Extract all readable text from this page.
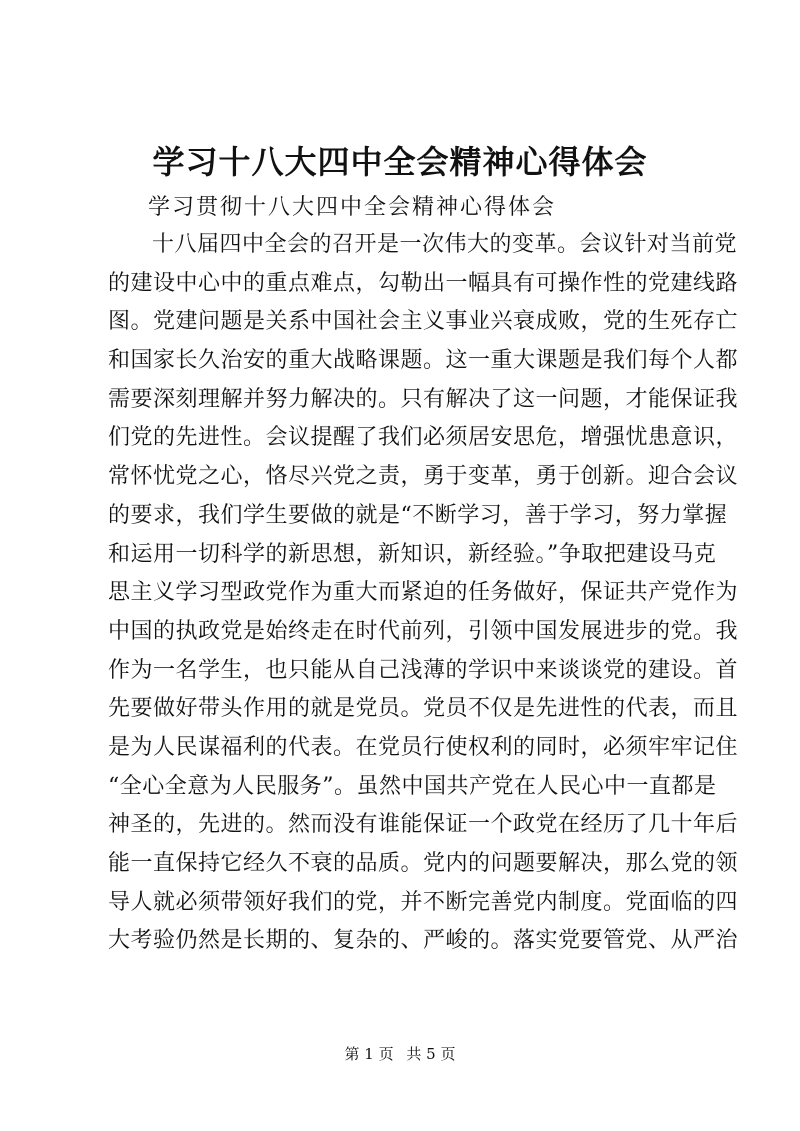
学习十八大四中全会精神心得体会

学习贯彻十八大四中全会精神心得体会

十八届四中全会的召开是一次伟大的变革。会议针对当前党
的建设中心中的重点难点，勾勒出一幅具有可操作性的党建线路
图。党建问题是关系中国社会主义事业兴衰成败，党的生死存亡
和国家长久治安的重大战略课题。这一重大课题是我们每个人都
需要深刻理解并努力解决的。只有解决了这一问题，才能保证我
们党的先进性。会议提醒了我们必须居安思危，增强忧患意识，
常怀忧党之心，恪尽兴党之责，勇于变革，勇于创新。迎合会议
的要求，我们学生要做的就是“不断学习，善于学习，努力掌握
和运用一切科学的新思想，新知识，新经验。”争取把建设马克
思主义学习型政党作为重大而紧迫的任务做好，保证共产党作为
中国的执政党是始终走在时代前列，引领中国发展进步的党。我
作为一名学生，也只能从自己浅薄的学识中来谈谈党的建设。首
先要做好带头作用的就是党员。党员不仅是先进性的代表，而且
是为人民谋福利的代表。在党员行使权利的同时，必须牢牢记住
“全心全意为人民服务”。虽然中国共产党在人民心中一直都是
神圣的，先进的。然而没有谁能保证一个政党在经历了几十年后
能一直保持它经久不衰的品质。党内的问题要解决，那么党的领
导人就必须带领好我们的党，并不断完善党内制度。党面临的四
大考验仍然是长期的、复杂的、严峻的。落实党要管党、从严治
第 1 页 共 5 页
